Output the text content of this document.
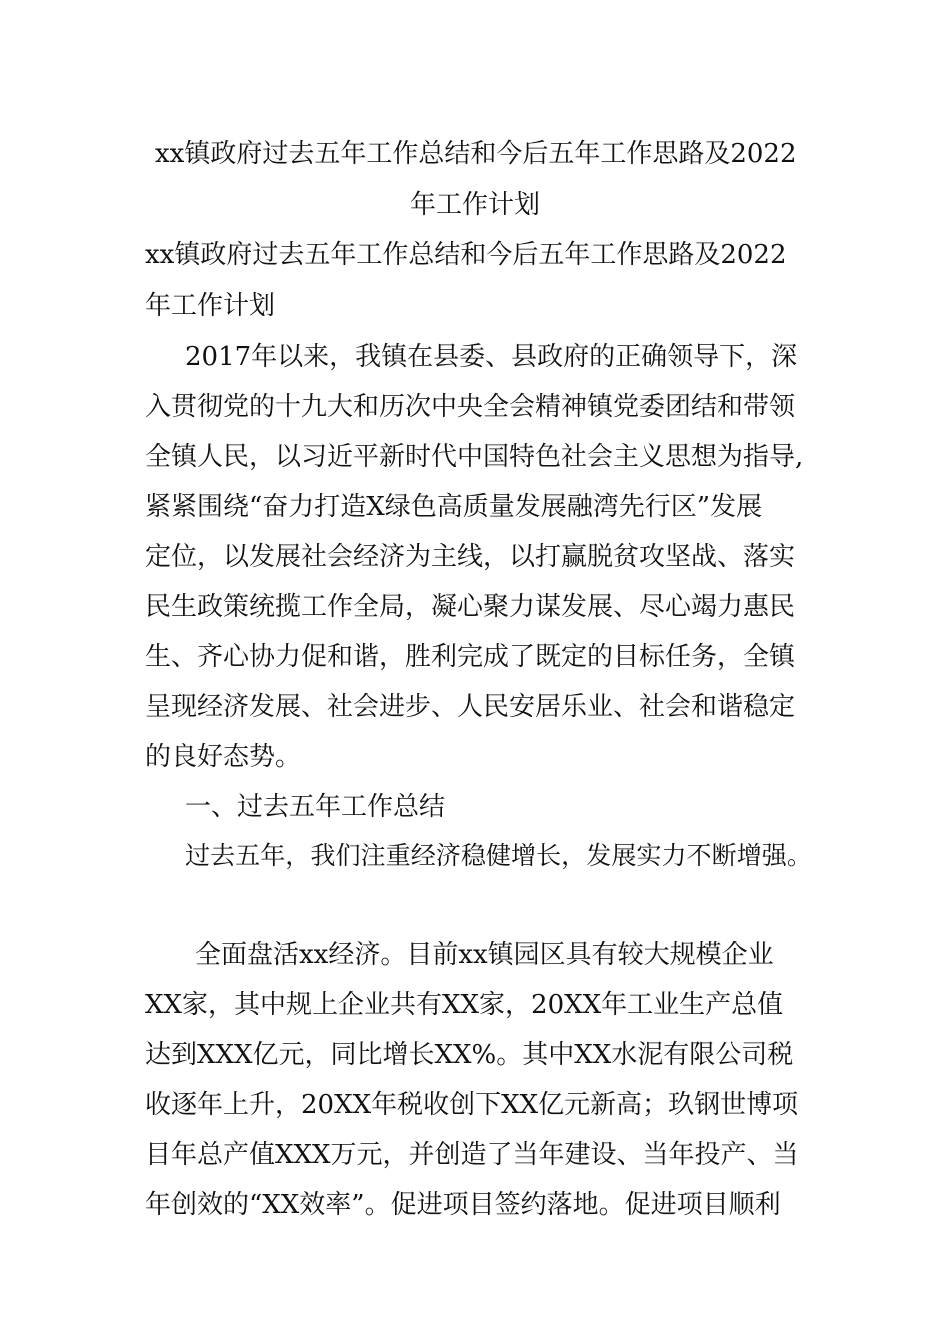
xx镇政府过去五年工作总结和今后五年工作思路及2022

年工作计划

xx镇政府过去五年工作总结和今后五年工作思路及2022

年工作计划

2017年以来，我镇在县委、县政府的正确领导下，深

入贯彻党的十九大和历次中央全会精神镇党委团结和带领

全镇人民，以习近平新时代中国特色社会主义思想为指导,

紧紧围绕“奋力打造X绿色高质量发展融湾先行区”发展

定位，以发展社会经济为主线，以打赢脱贫攻坚战、落实

民生政策统揽工作全局，凝心聚力谋发展、尽心竭力惠民

生、齐心协力促和谐，胜利完成了既定的目标任务，全镇

呈现经济发展、社会进步、人民安居乐业、社会和谐稳定

的良好态势。

一、过去五年工作总结

过去五年，我们注重经济稳健增长，发展实力不断增强。

全面盘活xx经济。目前xx镇园区具有较大规模企业

XX家，其中规上企业共有XX家，20XX年工业生产总值

达到XXX亿元，同比增长XX%。其中XX水泥有限公司税

收逐年上升，20XX年税收创下XX亿元新高；玖钢世博项

目年总产值XXX万元，并创造了当年建设、当年投产、当

年创效的“XX效率”。促进项目签约落地。促进项目顺利
